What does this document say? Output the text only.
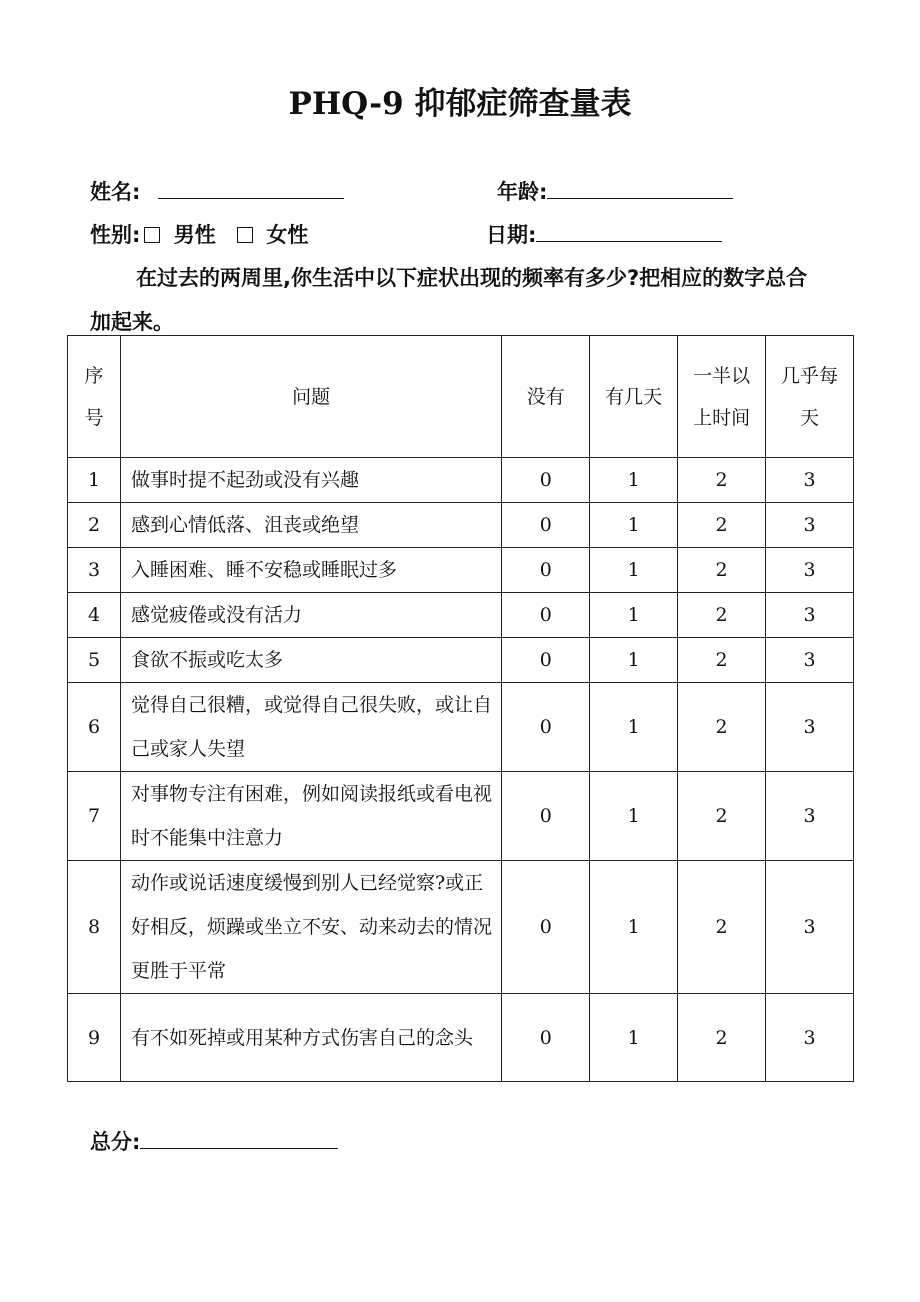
PHQ-9 抑郁症筛查量表
姓名:	年龄:
性别: 男性 女性	日期:
在过去的两周里,你生活中以下症状出现的频率有多少?把相应的数字总合加起来。
序号	问题	没有	有几天	一半以上时间	几乎每天
1	做事时提不起劲或没有兴趣	0	1	2	3
2	感到心情低落、沮丧或绝望	0	1	2	3
3	入睡困难、睡不安稳或睡眠过多	0	1	2	3
4	感觉疲倦或没有活力	0	1	2	3
5	食欲不振或吃太多	0	1	2	3
6	觉得自己很糟，或觉得自己很失败，或让自己或家人失望	0	1	2	3
7	对事物专注有困难，例如阅读报纸或看电视时不能集中注意力	0	1	2	3
8	动作或说话速度缓慢到别人已经觉察?或正好相反，烦躁或坐立不安、动来动去的情况更胜于平常	0	1	2	3
9	有不如死掉或用某种方式伤害自己的念头	0	1	2	3
总分:
